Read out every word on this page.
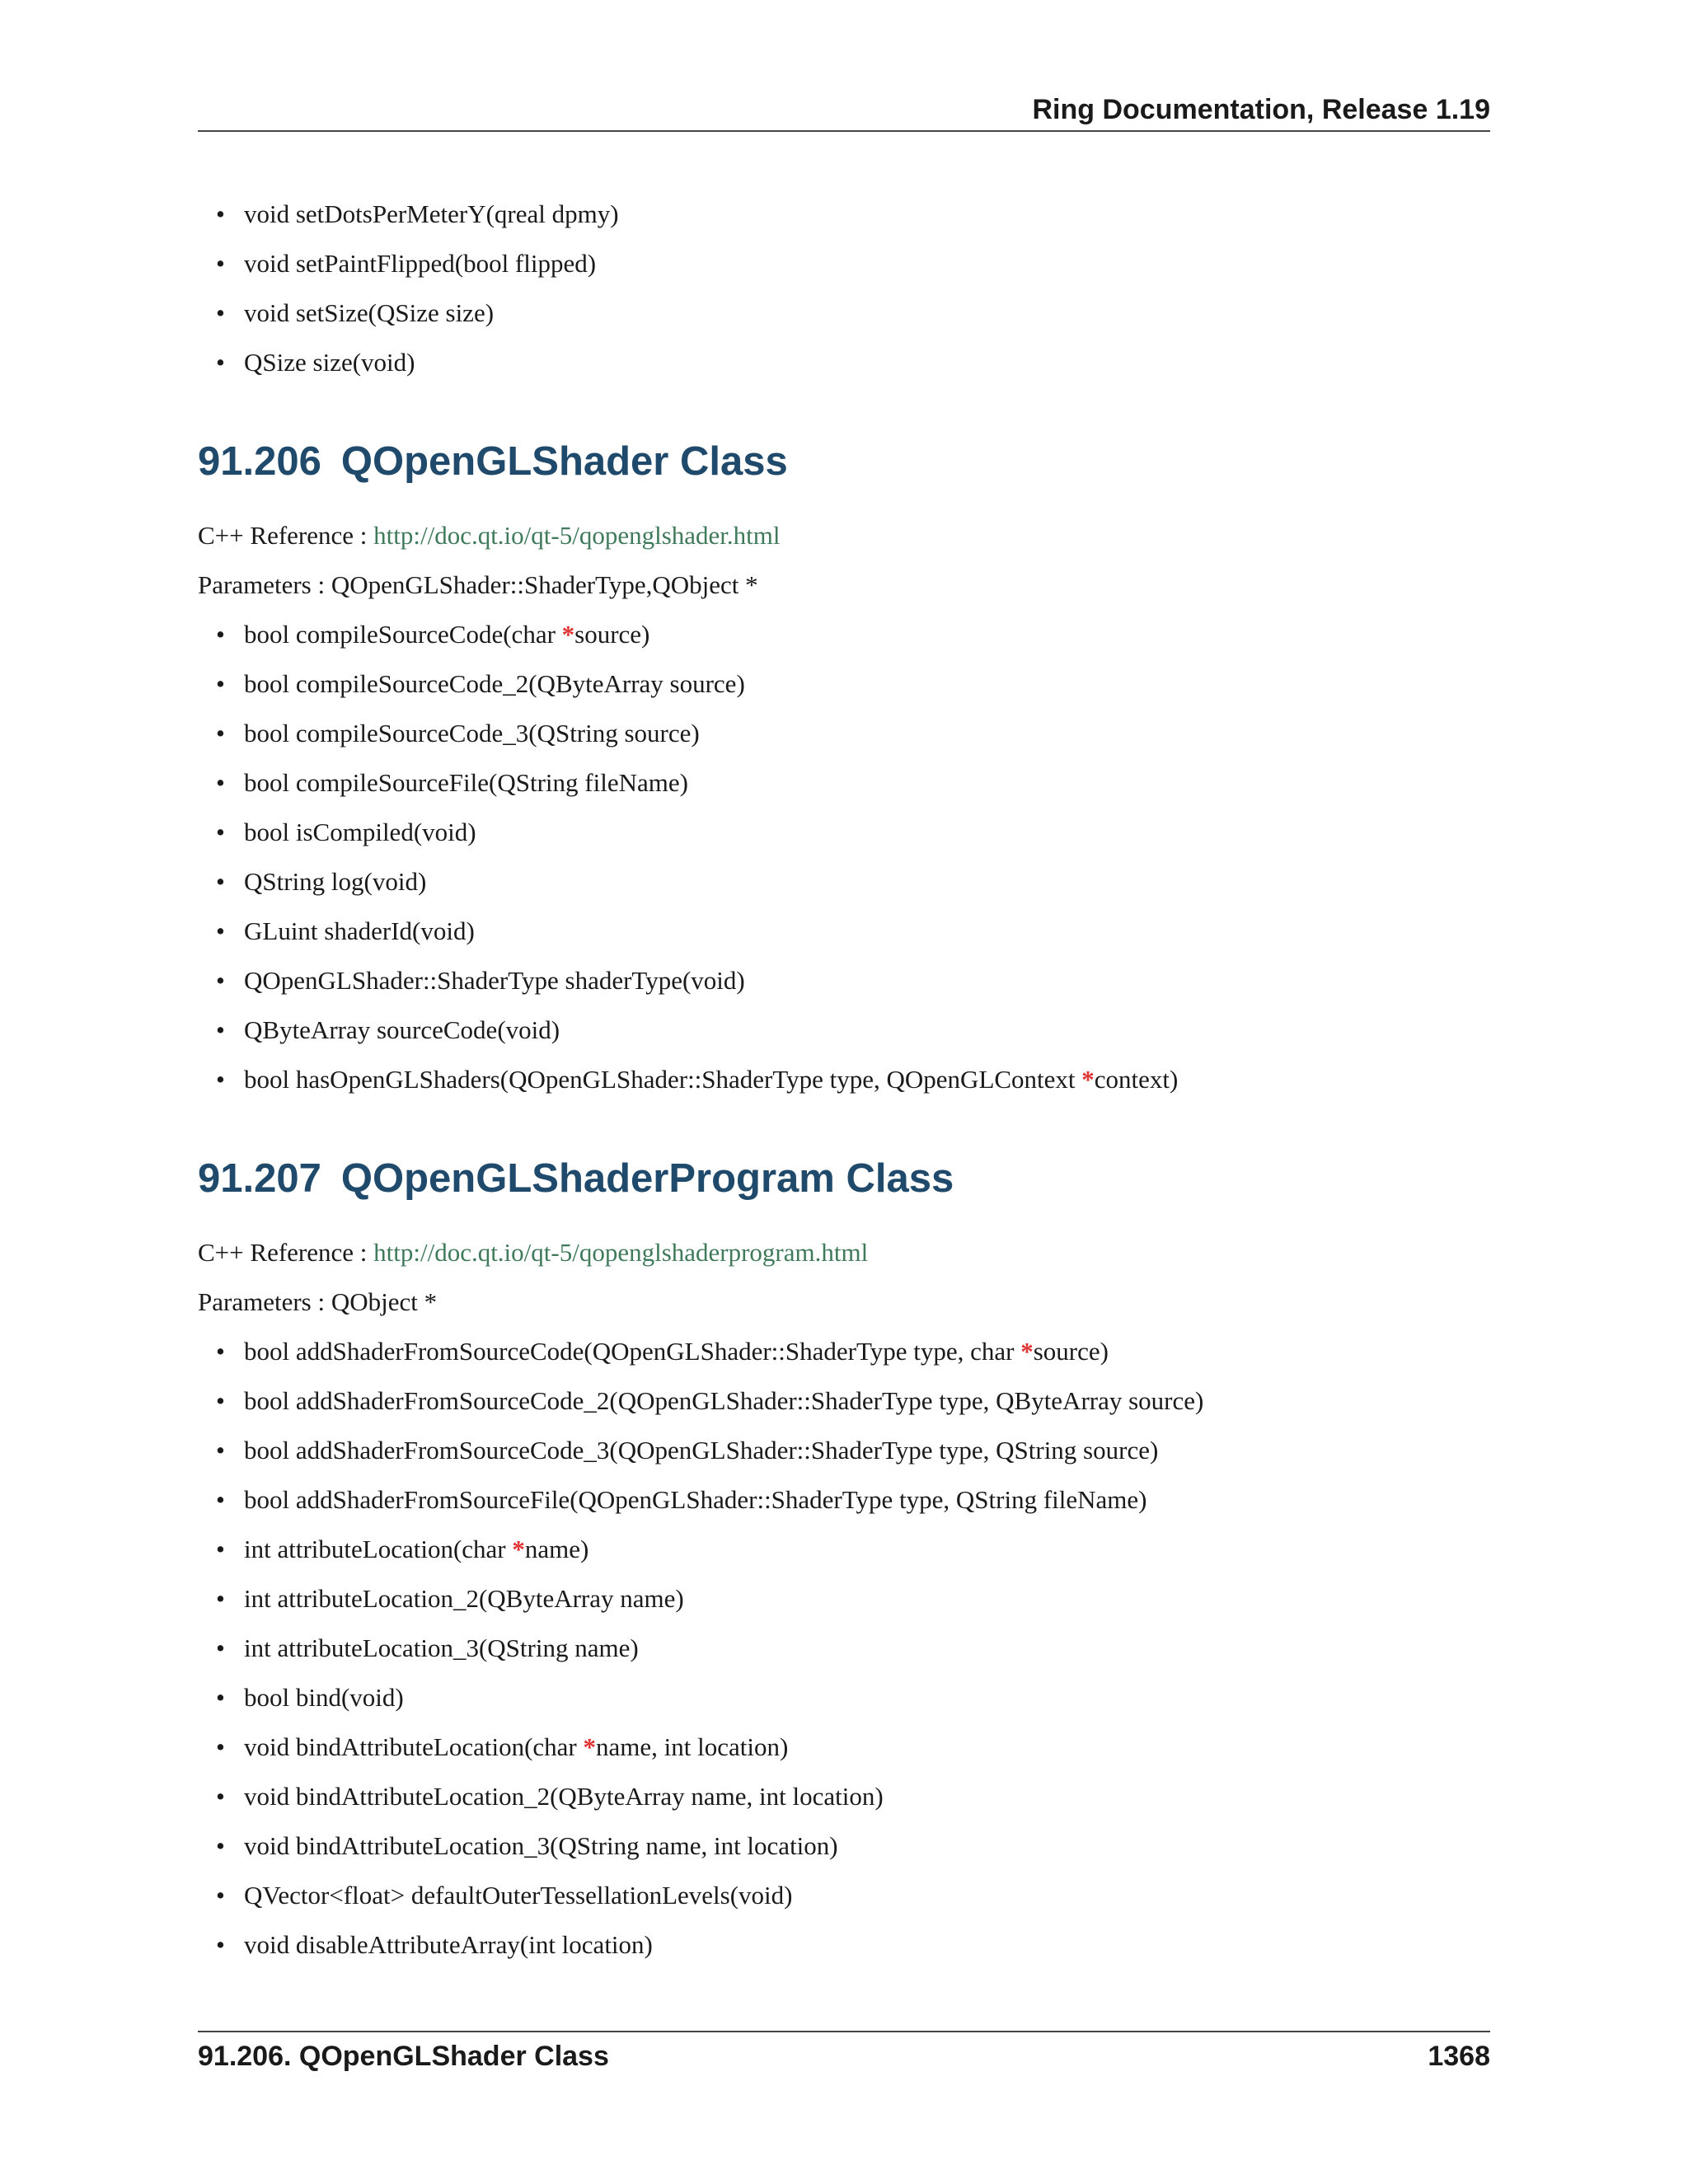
Ring Documentation, Release 1.19
• void setDotsPerMeterY(qreal dpmy)
• void setPaintFlipped(bool flipped)
• void setSize(QSize size)
• QSize size(void)
91.206 QOpenGLShader Class
C++ Reference : http://doc.qt.io/qt-5/qopenglshader.html
Parameters : QOpenGLShader::ShaderType,QObject *
• bool compileSourceCode(char *source)
• bool compileSourceCode_2(QByteArray source)
• bool compileSourceCode_3(QString source)
• bool compileSourceFile(QString fileName)
• bool isCompiled(void)
• QString log(void)
• GLuint shaderId(void)
• QOpenGLShader::ShaderType shaderType(void)
• QByteArray sourceCode(void)
• bool hasOpenGLShaders(QOpenGLShader::ShaderType type, QOpenGLContext *context)
91.207 QOpenGLShaderProgram Class
C++ Reference : http://doc.qt.io/qt-5/qopenglshaderprogram.html
Parameters : QObject *
• bool addShaderFromSourceCode(QOpenGLShader::ShaderType type, char *source)
• bool addShaderFromSourceCode_2(QOpenGLShader::ShaderType type, QByteArray source)
• bool addShaderFromSourceCode_3(QOpenGLShader::ShaderType type, QString source)
• bool addShaderFromSourceFile(QOpenGLShader::ShaderType type, QString fileName)
• int attributeLocation(char *name)
• int attributeLocation_2(QByteArray name)
• int attributeLocation_3(QString name)
• bool bind(void)
• void bindAttributeLocation(char *name, int location)
• void bindAttributeLocation_2(QByteArray name, int location)
• void bindAttributeLocation_3(QString name, int location)
• QVector<float> defaultOuterTessellationLevels(void)
• void disableAttributeArray(int location)
91.206. QOpenGLShader Class	1368
